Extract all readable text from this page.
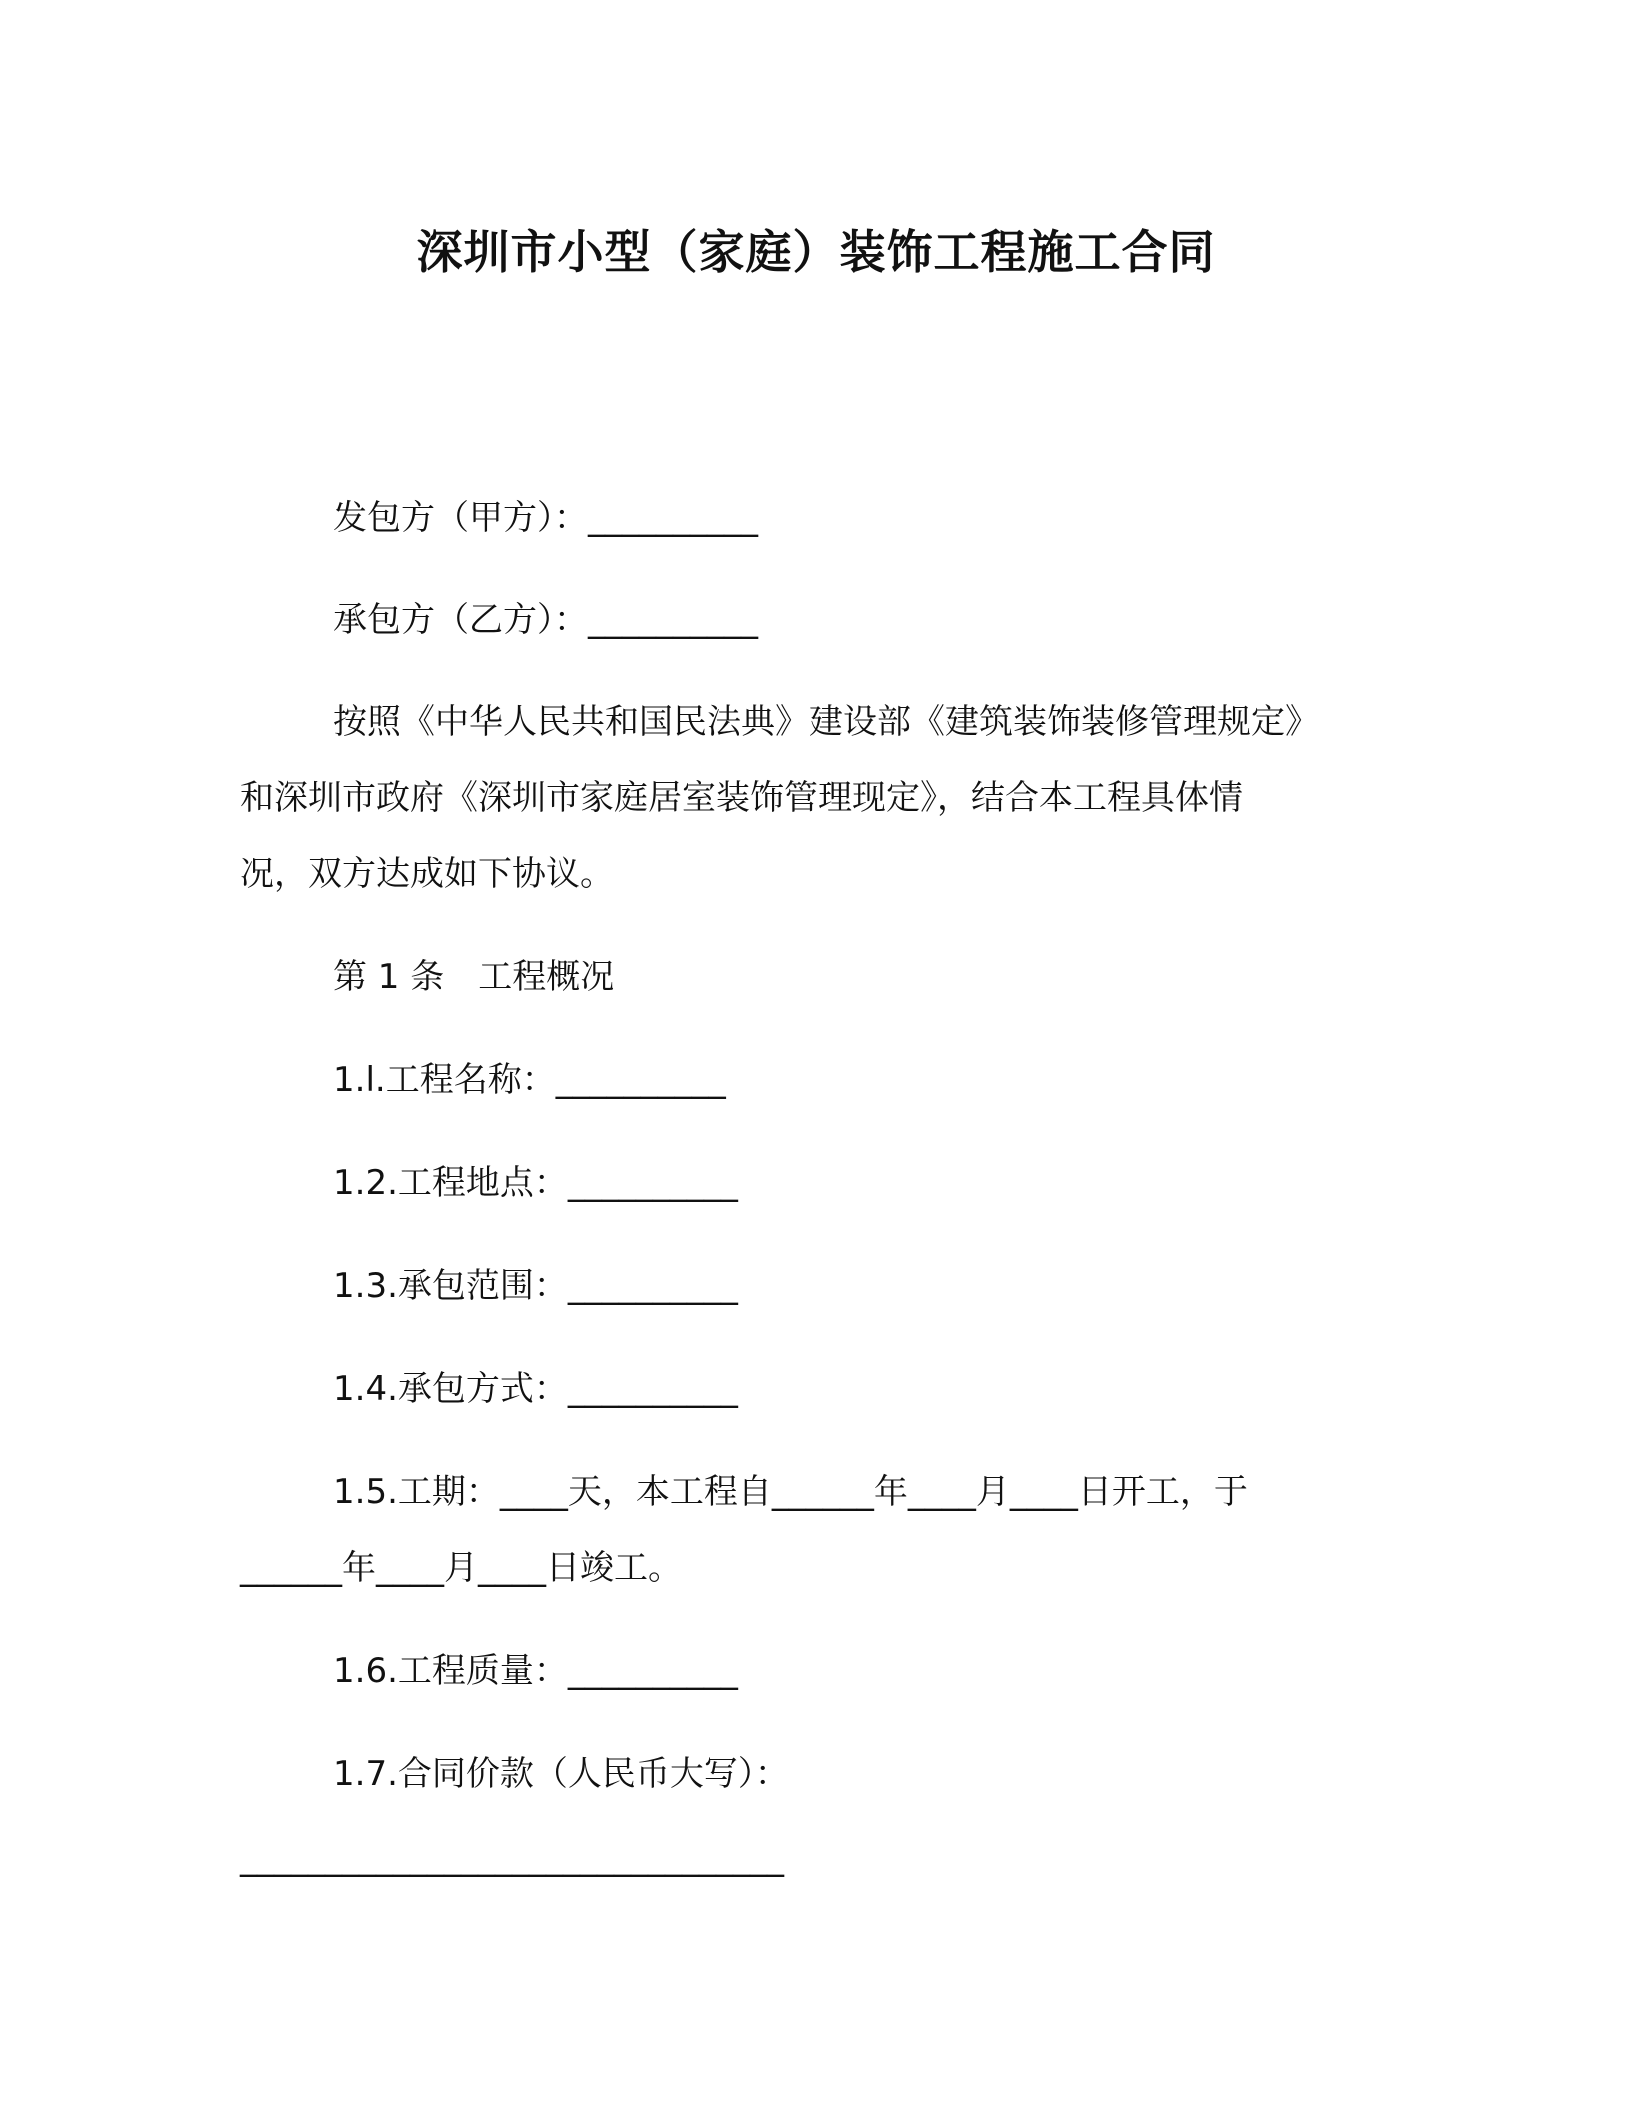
深圳市小型（家庭）装饰工程施工合同
发包方（甲方）：__________
承包方（乙方）：__________
按照《中华人民共和国民法典》建设部《建筑装饰装修管理规定》
和深圳市政府《深圳市家庭居室装饰管理现定》，结合本工程具体情
况，双方达成如下协议。
第 1 条　工程概况
1.l.工程名称：__________
1.2.工程地点：__________
1.3.承包范围：__________
1.4.承包方式：__________
1.5.工期：____天，本工程自______年____月____日开工，于
______年____月____日竣工。
1.6.工程质量：__________
1.7.合同价款（人民币大写）：
________________________________
